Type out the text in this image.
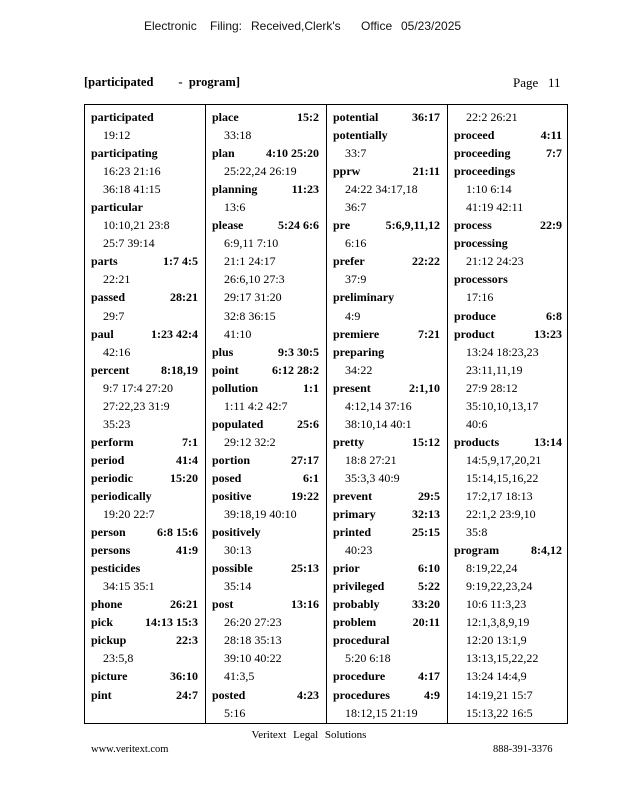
Electronic Filing: Received,Clerk's Office 05/23/2025
[participated        -  program]	Page   11
participated
19:12
participating
16:23 21:16
36:18 41:15
particular
10:10,21 23:8
25:7 39:14
parts	1:7 4:5
22:21
passed	28:21
29:7
paul	1:23 42:4
42:16
percent	8:18,19
9:7 17:4 27:20
27:22,23 31:9
35:23
perform	7:1
period	41:4
periodic	15:20
periodically
19:20 22:7
person	6:8 15:6
persons	41:9
pesticides
34:15 35:1
phone	26:21
pick	14:13 15:3
pickup	22:3
23:5,8
picture	36:10
pint	24:7
place	15:2
33:18
plan	4:10 25:20
25:22,24 26:19
planning	11:23
13:6
please	5:24 6:6
6:9,11 7:10
21:1 24:17
26:6,10 27:3
29:17 31:20
32:8 36:15
41:10
plus	9:3 30:5
point	6:12 28:2
pollution	1:1
1:11 4:2 42:7
populated	25:6
29:12 32:2
portion	27:17
posed	6:1
positive	19:22
39:18,19 40:10
positively
30:13
possible	25:13
35:14
post	13:16
26:20 27:23
28:18 35:13
39:10 40:22
41:3,5
posted	4:23
5:16
potential	36:17
potentially
33:7
pprw	21:11
24:22 34:17,18
36:7
pre	5:6,9,11,12
6:16
prefer	22:22
37:9
preliminary
4:9
premiere	7:21
preparing
34:22
present	2:1,10
4:12,14 37:16
38:10,14 40:1
pretty	15:12
18:8 27:21
35:3,3 40:9
prevent	29:5
primary	32:13
printed	25:15
40:23
prior	6:10
privileged	5:22
probably	33:20
problem	20:11
procedural
5:20 6:18
procedure	4:17
procedures	4:9
18:12,15 21:19
22:2 26:21
proceed	4:11
proceeding	7:7
proceedings
1:10 6:14
41:19 42:11
process	22:9
processing
21:12 24:23
processors
17:16
produce	6:8
product	13:23
13:24 18:23,23
23:11,11,19
27:9 28:12
35:10,10,13,17
40:6
products	13:14
14:5,9,17,20,21
15:14,15,16,22
17:2,17 18:13
22:1,2 23:9,10
35:8
program	8:4,12
8:19,22,24
9:19,22,23,24
10:6 11:3,23
12:1,3,8,9,19
12:20 13:1,9
13:13,15,22,22
13:24 14:4,9
14:19,21 15:7
15:13,22 16:5
Veritext Legal Solutions
www.veritext.com	888-391-3376
